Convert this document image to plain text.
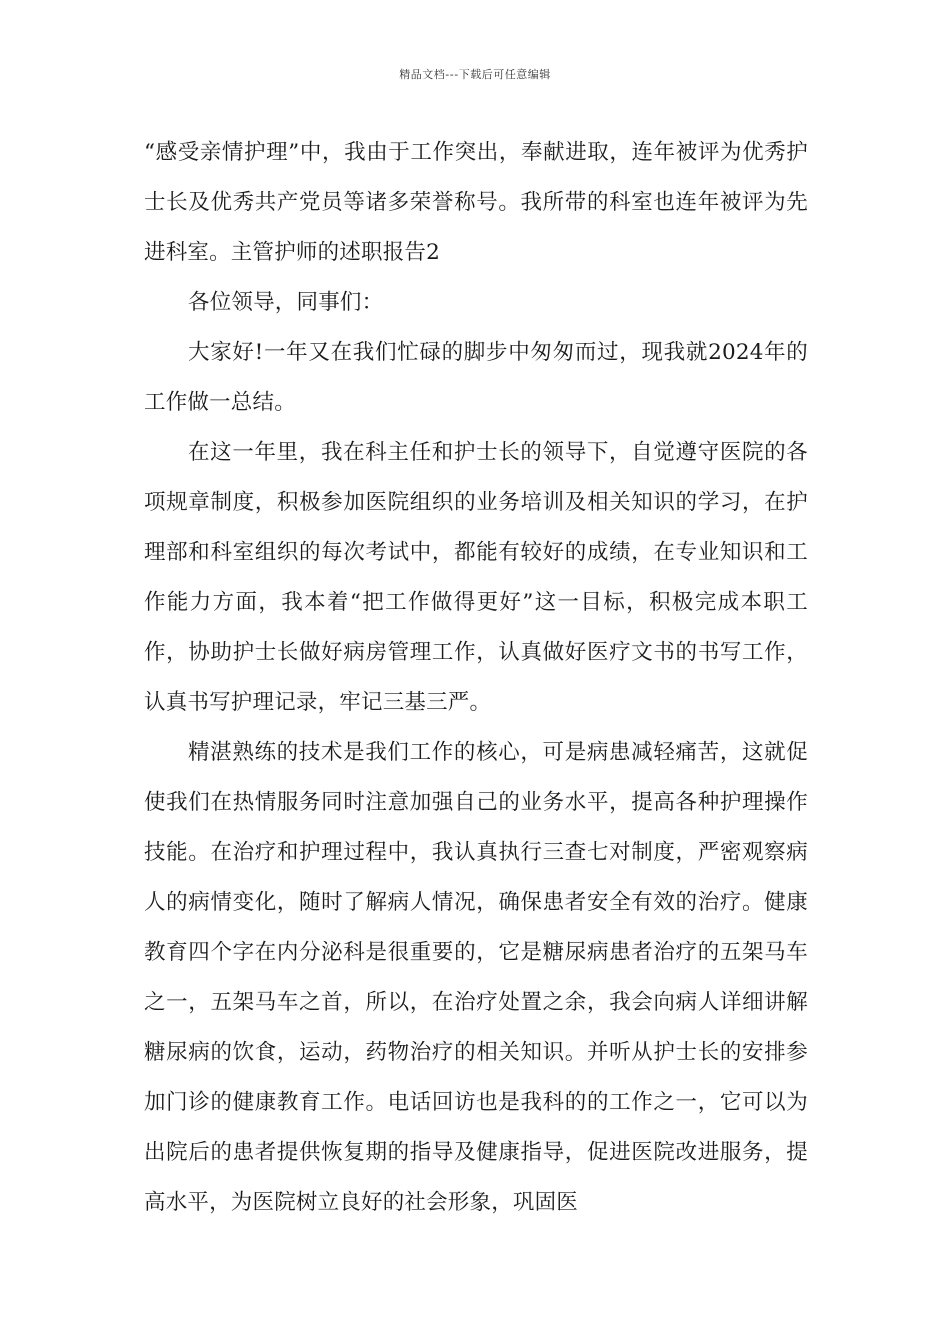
精品文档---下载后可任意编辑

“感受亲情护理”中，我由于工作突出，奉献进取，连年被评为优秀护士长及优秀共产党员等诸多荣誉称号。我所带的科室也连年被评为先进科室。主管护师的述职报告2

各位领导，同事们：

大家好!一年又在我们忙碌的脚步中匆匆而过，现我就2024年的工作做一总结。

在这一年里，我在科主任和护士长的领导下，自觉遵守医院的各项规章制度，积极参加医院组织的业务培训及相关知识的学习，在护理部和科室组织的每次考试中，都能有较好的成绩，在专业知识和工作能力方面，我本着“把工作做得更好”这一目标，积极完成本职工作，协助护士长做好病房管理工作，认真做好医疗文书的书写工作，认真书写护理记录，牢记三基三严。

精湛熟练的技术是我们工作的核心，可是病患减轻痛苦，这就促使我们在热情服务同时注意加强自己的业务水平，提高各种护理操作技能。在治疗和护理过程中，我认真执行三查七对制度，严密观察病人的病情变化，随时了解病人情况，确保患者安全有效的治疗。健康教育四个字在内分泌科是很重要的，它是糖尿病患者治疗的五架马车之一，五架马车之首，所以，在治疗处置之余，我会向病人详细讲解糖尿病的饮食，运动，药物治疗的相关知识。并听从护士长的安排参加门诊的健康教育工作。电话回访也是我科的的工作之一，它可以为出院后的患者提供恢复期的指导及健康指导，促进医院改进服务，提高水平，为医院树立良好的社会形象，巩固医
